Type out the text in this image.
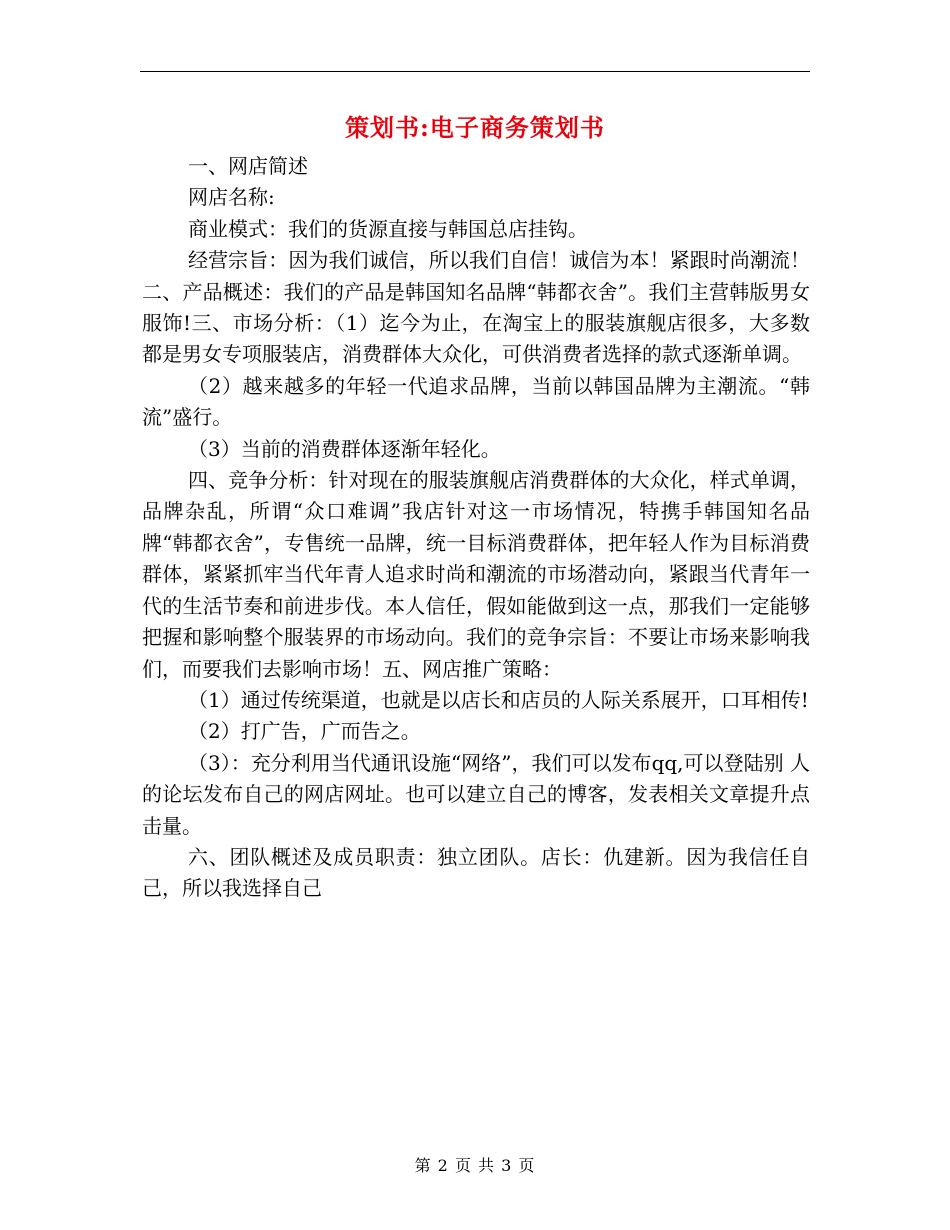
策划书:电子商务策划书

一、网店简述

网店名称:

商业模式：我们的货源直接与韩国总店挂钩。

经营宗旨：因为我们诚信，所以我们自信！诚信为本！紧跟时尚潮流！二、产品概述：我们的产品是韩国知名品牌“韩都衣舍”。我们主营韩版男女服饰!三、市场分析：（1）迄今为止，在淘宝上的服装旗舰店很多，大多数都是男女专项服装店，消费群体大众化，可供消费者选择的款式逐渐单调。

（2）越来越多的年轻一代追求品牌，当前以韩国品牌为主潮流。“韩流”盛行。

（3）当前的消费群体逐渐年轻化。

四、竞争分析：针对现在的服装旗舰店消费群体的大众化，样式单调，品牌杂乱，所谓“众口难调”我店针对这一市场情况，特携手韩国知名品牌“韩都衣舍”，专售统一品牌，统一目标消费群体，把年轻人作为目标消费群体，紧紧抓牢当代年青人追求时尚和潮流的市场潜动向，紧跟当代青年一代的生活节奏和前进步伐。本人信任，假如能做到这一点，那我们一定能够把握和影响整个服装界的市场动向。我们的竞争宗旨：不要让市场来影响我们，而要我们去影响市场！五、网店推广策略：

（1）通过传统渠道，也就是以店长和店员的人际关系展开，口耳相传!

（2）打广告，广而告之。

（3）：充分利用当代通讯设施“网络”，我们可以发布qq,可以登陆别 人 的论坛发布自己的网店网址。也可以建立自己的博客，发表相关文章提升点击量。

六、团队概述及成员职责：独立团队。店长：仇建新。因为我信任自己，所以我选择自己

第 2 页 共 3 页
